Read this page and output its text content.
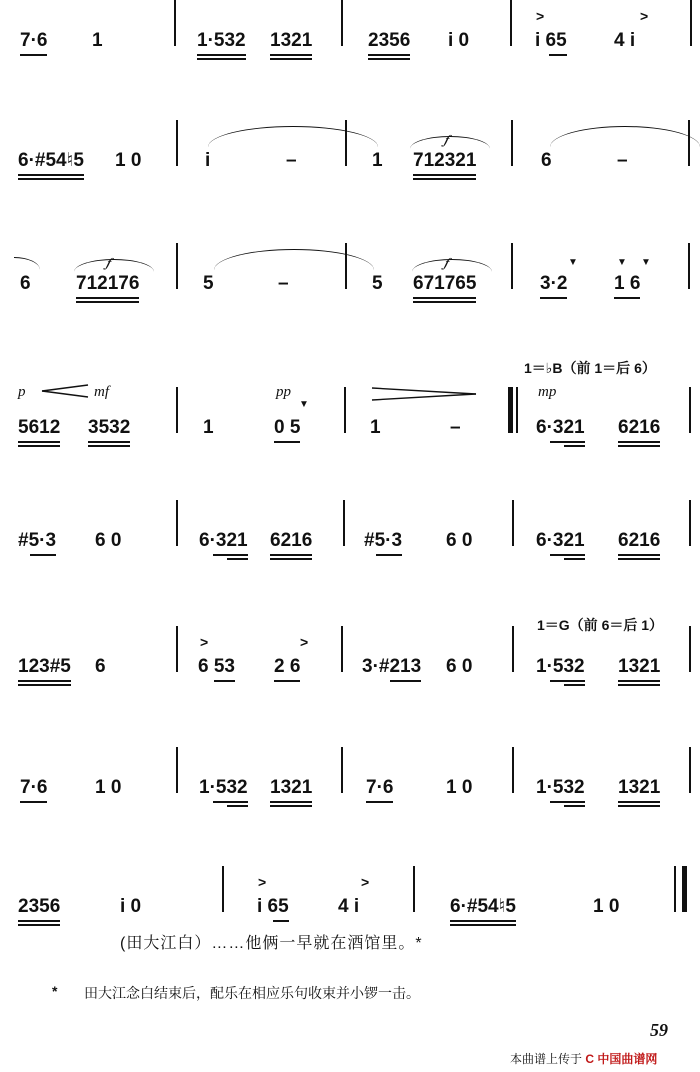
7·6 1	1·532 1321	2356 i 0
>
i 65
>
4 i
𝆑
6·#54♮5 1 0	i	–	1 712321	6	–
𝆑	𝆑
6 712176	5	–	5 671765
▼	▼ ▼
3·2 1 6
1＝♭B（前 1＝后 6）
p	mf	pp	mp
▼
5612 3532	1	0 5	1	–	6·321 6216
#5·3 6 0	6·321 6216	#5·3 6 0	6·321 6216
1＝G（前 6＝后 1）
>	>
123#5 6	6 53 2 6	3·#213 6 0	1·532 1321
7·6	1 0	1·532 1321	7·6	1 0	1·532 1321
>	>
2356	i 0	i 65	4 i	6·#54♮5	1 0
(田大江白）……他俩一早就在酒馆里。*
* 田大江念白结束后，配乐在相应乐句收束并小锣一击。
59
本曲谱上传于 C 中国曲谱网
